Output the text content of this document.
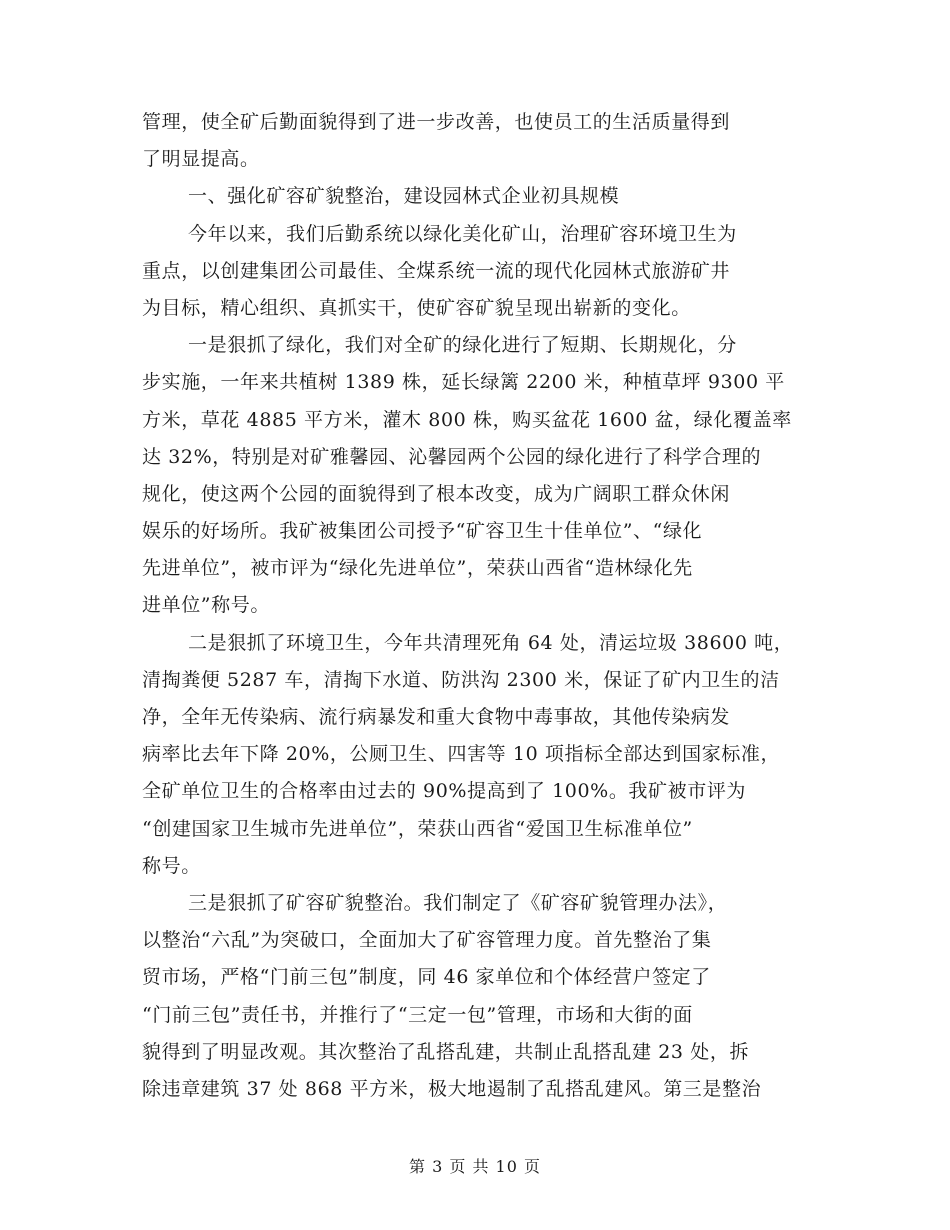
管理，使全矿后勤面貌得到了进一步改善，也使员工的生活质量得到
了明显提高。
一、强化矿容矿貌整治，建设园林式企业初具规模
今年以来，我们后勤系统以绿化美化矿山，治理矿容环境卫生为
重点，以创建集团公司最佳、全煤系统一流的现代化园林式旅游矿井
为目标，精心组织、真抓实干，使矿容矿貌呈现出崭新的变化。
一是狠抓了绿化，我们对全矿的绿化进行了短期、长期规化，分
步实施，一年来共植树 1389 株，延长绿篱 2200 米，种植草坪 9300 平
方米，草花 4885 平方米，灌木 800 株，购买盆花 1600 盆，绿化覆盖率
达 32%，特别是对矿雅馨园、沁馨园两个公园的绿化进行了科学合理的
规化，使这两个公园的面貌得到了根本改变，成为广阔职工群众休闲
娱乐的好场所。我矿被集团公司授予“矿容卫生十佳单位”、“绿化
先进单位”，被市评为“绿化先进单位”，荣获山西省“造林绿化先
进单位”称号。
二是狠抓了环境卫生，今年共清理死角 64 处，清运垃圾 38600 吨，
清掏粪便 5287 车，清掏下水道、防洪沟 2300 米，保证了矿内卫生的洁
净，全年无传染病、流行病暴发和重大食物中毒事故，其他传染病发
病率比去年下降 20%，公厕卫生、四害等 10 项指标全部达到国家标准，
全矿单位卫生的合格率由过去的 90%提高到了 100%。我矿被市评为
“创建国家卫生城市先进单位”，荣获山西省“爱国卫生标准单位”
称号。
三是狠抓了矿容矿貌整治。我们制定了《矿容矿貌管理办法》，
以整治“六乱”为突破口，全面加大了矿容管理力度。首先整治了集
贸市场，严格“门前三包”制度，同 46 家单位和个体经营户签定了
“门前三包”责任书，并推行了“三定一包”管理，市场和大街的面
貌得到了明显改观。其次整治了乱搭乱建，共制止乱搭乱建 23 处，拆
除违章建筑 37 处 868 平方米，极大地遏制了乱搭乱建风。第三是整治
第 3 页 共 10 页
